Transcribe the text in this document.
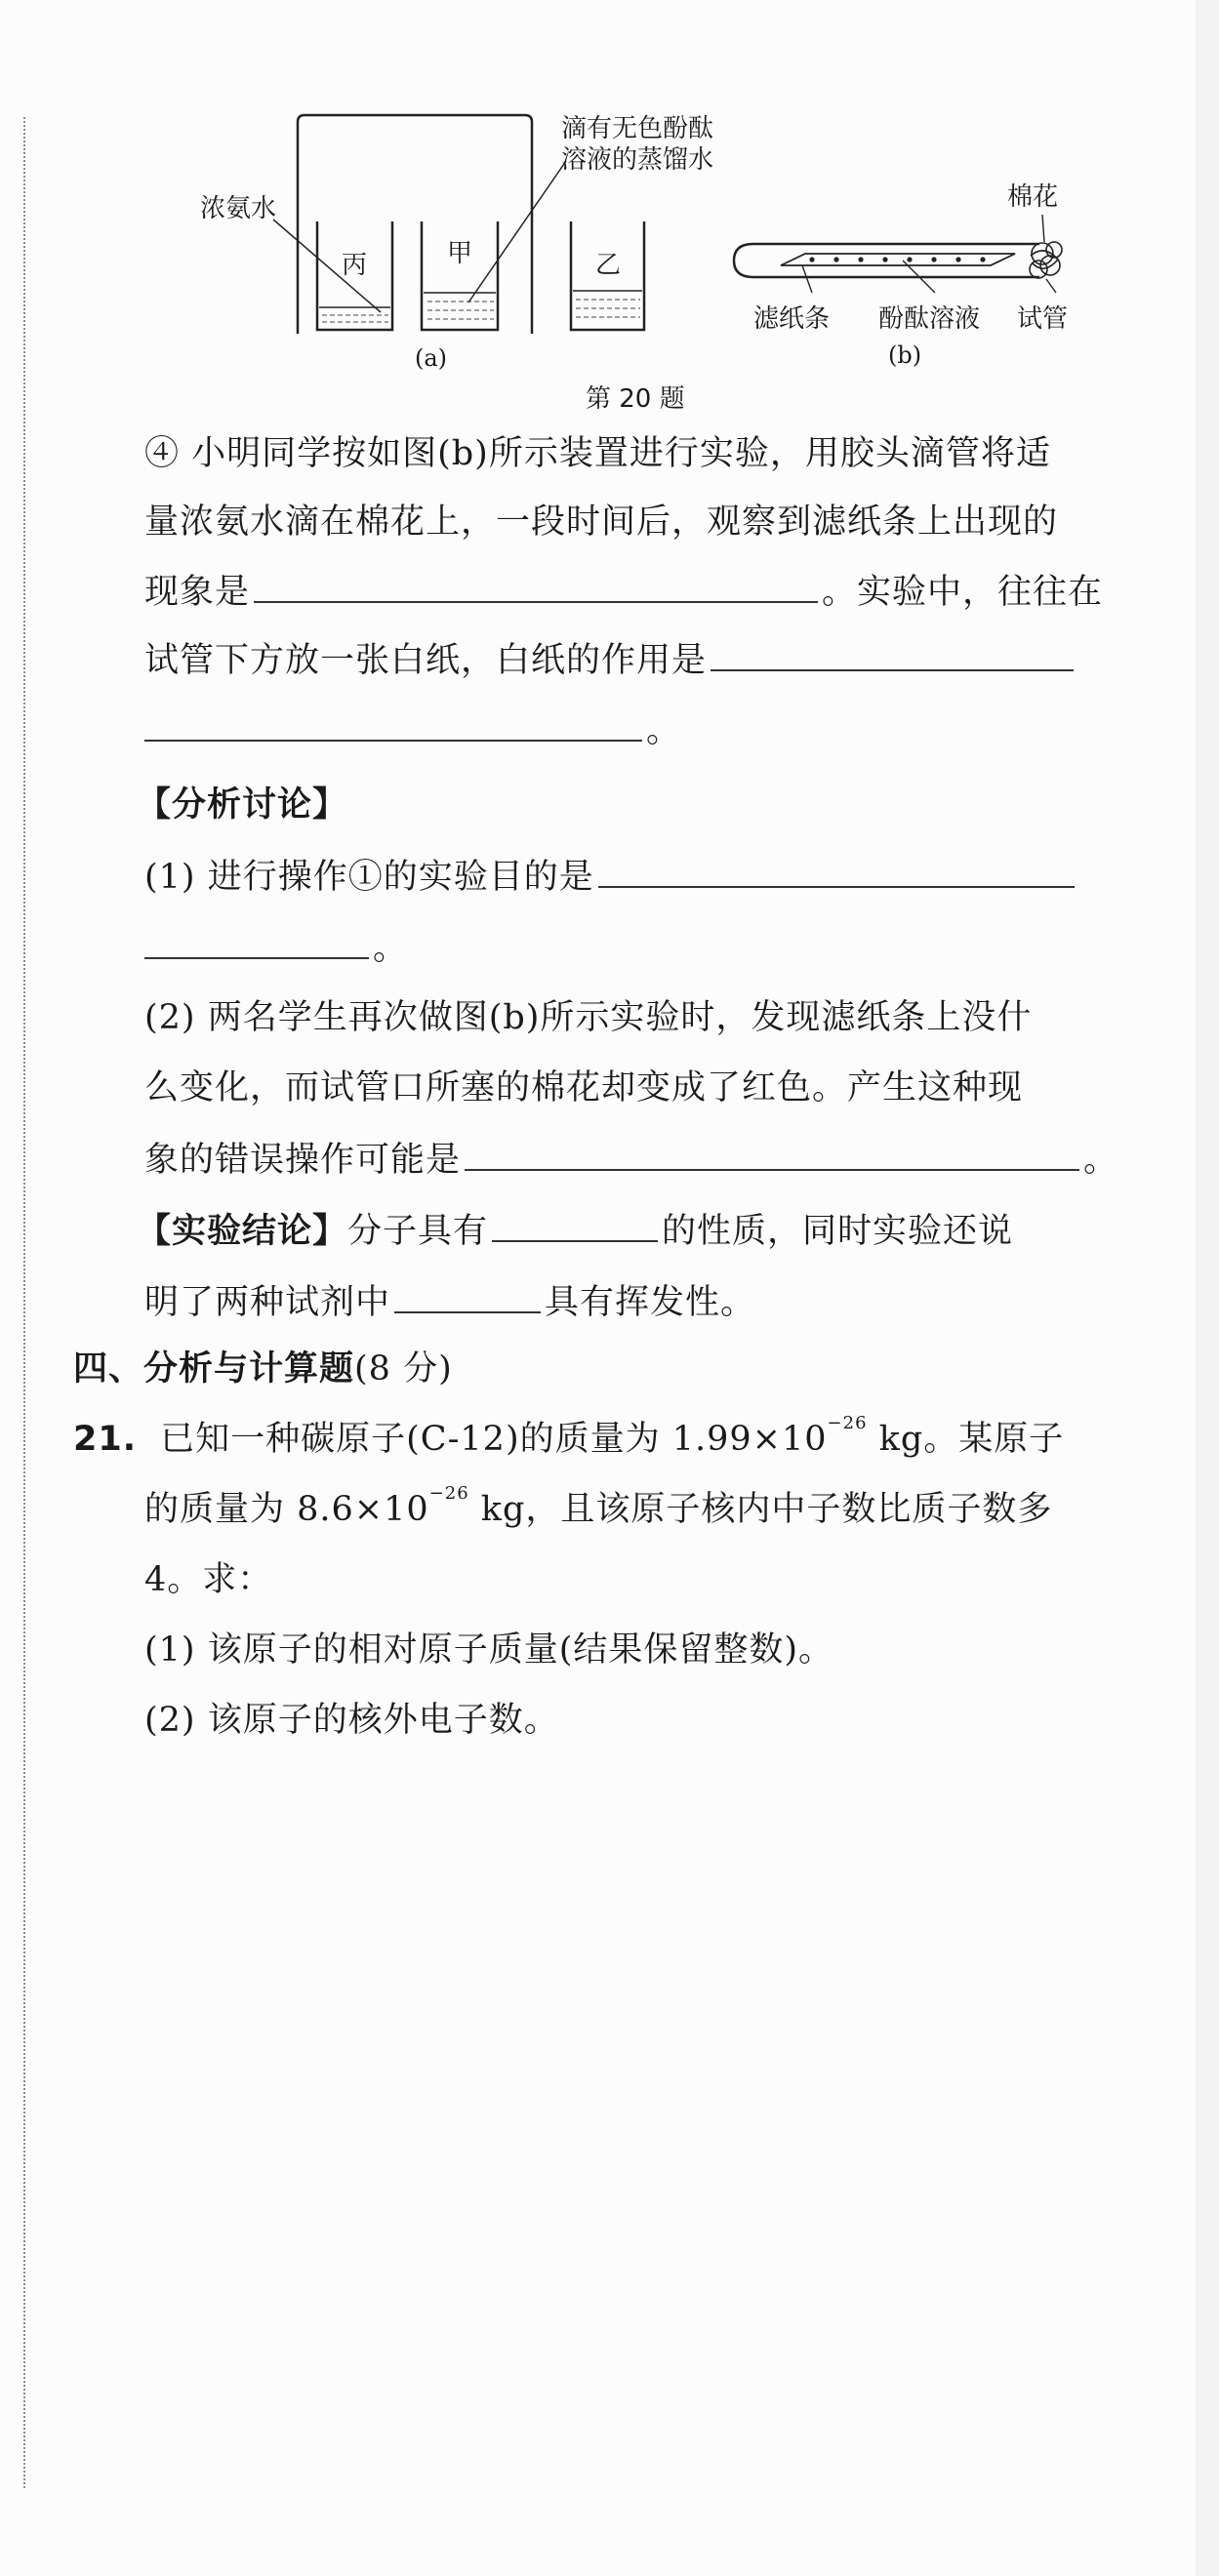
浓氨水
滴有无色酚酞
溶液的蒸馏水
丙	甲	乙
(a)
棉花
滤纸条 酚酞溶液 试管
(b)
第 20 题
④ 小明同学按如图(b)所示装置进行实验，用胶头滴管将适
量浓氨水滴在棉花上，一段时间后，观察到滤纸条上出现的
现象是	。实验中，往往在
试管下方放一张白纸，白纸的作用是
。
【分析讨论】
(1) 进行操作①的实验目的是
。
(2) 两名学生再次做图(b)所示实验时，发现滤纸条上没什
么变化，而试管口所塞的棉花却变成了红色。产生这种现
象的错误操作可能是	。
【实验结论】分子具有	的性质，同时实验还说
明了两种试剂中	具有挥发性。
四、分析与计算题(8 分)
21. 已知一种碳原子(C-12)的质量为 $1.99\times 10^{-26}$ kg。某原子
的质量为 $8.6\times 10^{-26}$ kg，且该原子核内中子数比质子数多
4。求：
(1) 该原子的相对原子质量(结果保留整数)。
(2) 该原子的核外电子数。
